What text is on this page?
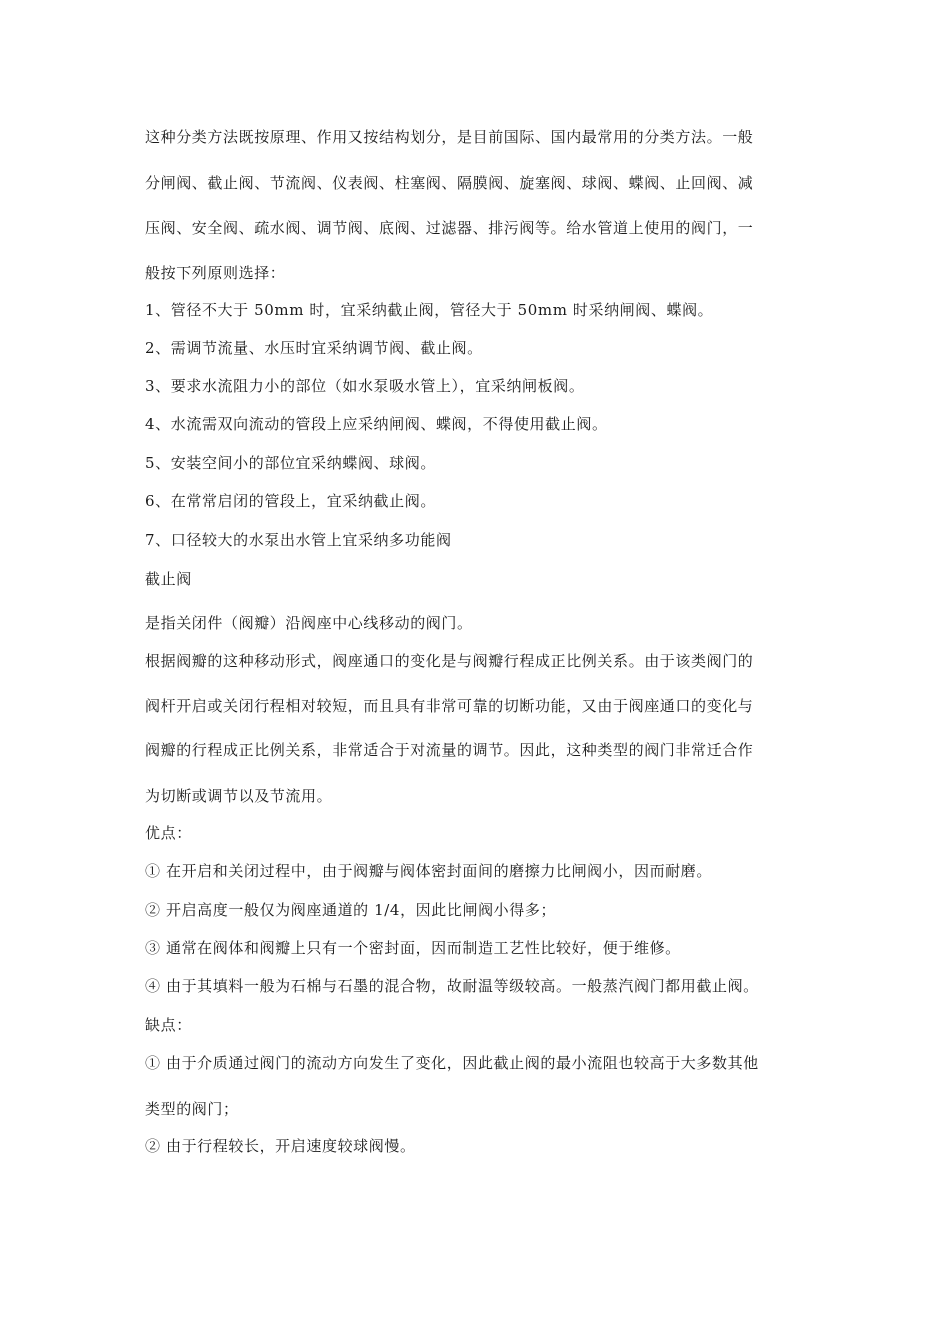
这种分类方法既按原理、作用又按结构划分，是目前国际、国内最常用的分类方法。一般
分闸阀、截止阀、节流阀、仪表阀、柱塞阀、隔膜阀、旋塞阀、球阀、蝶阀、止回阀、减
压阀、安全阀、疏水阀、调节阀、底阀、过滤器、排污阀等。给水管道上使用的阀门，一
般按下列原则选择：
1、管径不大于 50mm 时，宜采纳截止阀，管径大于 50mm 时采纳闸阀、蝶阀。
2、需调节流量、水压时宜采纳调节阀、截止阀。
3、要求水流阻力小的部位（如水泵吸水管上），宜采纳闸板阀。
4、水流需双向流动的管段上应采纳闸阀、蝶阀，不得使用截止阀。
5、安装空间小的部位宜采纳蝶阀、球阀。
6、在常常启闭的管段上，宜采纳截止阀。
7、口径较大的水泵出水管上宜采纳多功能阀
截止阀
是指关闭件（阀瓣）沿阀座中心线移动的阀门。
根据阀瓣的这种移动形式，阀座通口的变化是与阀瓣行程成正比例关系。由于该类阀门的
阀杆开启或关闭行程相对较短，而且具有非常可靠的切断功能，又由于阀座通口的变化与
阀瓣的行程成正比例关系，非常适合于对流量的调节。因此，这种类型的阀门非常迁合作
为切断或调节以及节流用。
优点：
① 在开启和关闭过程中，由于阀瓣与阀体密封面间的磨擦力比闸阀小，因而耐磨。
② 开启高度一般仅为阀座通道的 1/4，因此比闸阀小得多；
③ 通常在阀体和阀瓣上只有一个密封面，因而制造工艺性比较好，便于维修。
④ 由于其填料一般为石棉与石墨的混合物，故耐温等级较高。一般蒸汽阀门都用截止阀。
缺点：
① 由于介质通过阀门的流动方向发生了变化，因此截止阀的最小流阻也较高于大多数其他
类型的阀门；
② 由于行程较长，开启速度较球阀慢。
